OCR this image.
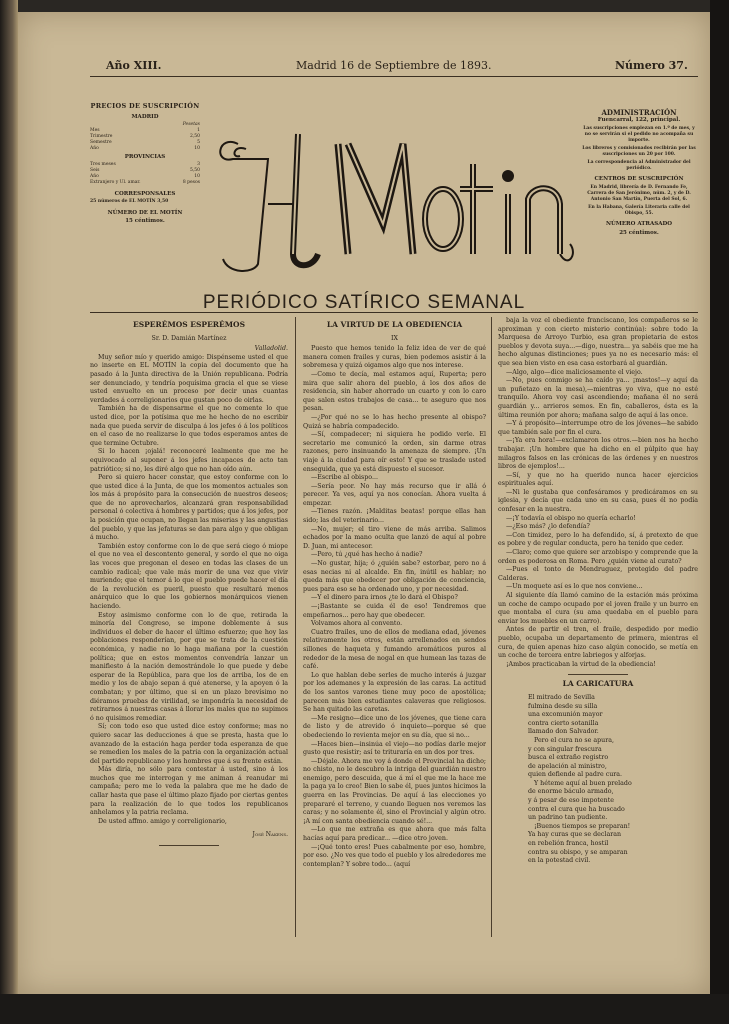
Año XIII.	Madrid 16 de Septiembre de 1893.	Número 37.
PRECIOS DE SUSCRIPCIÓN
MADRID
Pesetas
Mes	1
Trimestre	2,50
Semestre	5
Año	10
PROVINCIAS
Tres meses	3
Seis	5,50
Año	10
Extranjero y Ul. amar.	8 pesos
CORRESPONSALES
25 números de EL MOTÍN 3,50
NÚMERO DE EL MOTÍN
15 céntimos.
El Motín
ADMINISTRACIÓN
Fuencarral, 122, principal.

Las suscripciones empiezan en 1.º de mes, y no se servirán si el pedido no acompaña su importe.

Los libreros y comisionados recibirán por las suscripciones un 20 por 100.

La correspondencia al Administrador del periódico.

CENTROS DE SUSCRIPCIÓN

En Madrid, librería de D. Fernando Fe, Carrera de San Jerónimo, núm. 2, y de D. Antonio San Martín, Puerta del Sol, 6.

En la Habana, Galería Literaria calle del Obispo, 55.

NÚMERO ATRASADO
25 céntimos.
PERIÓDICO SATÍRICO SEMANAL
ESPERÉMOS ESPERÉMOS
Sr. D. Damián Martínez
Valladolid.

Muy señor mío y querido amigo: Dispénseme usted el que no inserte en EL MOTÍN la copia del documento que ha pasado á la Junta directiva de la Unión republicana. Podría ser denunciado, y tendría poquísima gracia el que se viese usted envuelto en un proceso por decir unas cuantas verdades á correligionarios que gustan poco de oirlas.

También ha de dispensarme el que no comente lo que usted dice, por la potísima que me he hecho de no escribir nada que pueda servir de disculpa á los jefes ó á los políticos en el caso de no realizarse lo que todos esperamos antes de que termine Octubre.

Si lo hacen ¡ojalá! reconoceré lealmente que me he equivocado al suponer á los jefes incapaces de acto tan patriótico; si no, les diré algo que no han oído aún.

Pero si quiero hacer constar, que estoy conforme con lo que usted dice á la Junta, de que los momentos actuales son los más á propósito para la consecución de nuestros deseos; que de no aprovecharlos, alcanzará gran responsabilidad personal ó colectiva á hombres y partidos; que á los jefes, por la posición que ocupan, no llegan las miserias y las angustias del pueblo, y que las jefaturas se dan para algo y que obligan á mucho.

También estoy conforme con lo de que será ciego ó miope el que no vea el descontento general, y sordo el que no oiga las voces que pregonan el deseo en todas las clases de un cambio radical; que vale más morir de una vez que vivir muriendo; que el temor á lo que el pueblo puede hacer el día de la revolución es pueril, puesto que resultará menos anárquico que lo que los gobiernos monárquicos vienen haciendo.

Estoy asimismo conforme con lo de que, retirada la minoría del Congreso, se impone doblemente á sus individuos el deber de hacer el último esfuerzo; que hoy las poblaciones responderían, por que se trata de la cuestión económica, y nadie no lo haga mañana por la cuestión política; que en estos momentos convendría lanzar un manifiesto á la nación demostrándole lo que puede y debe esperar de la República, para que los de arriba, los de en medio y los de abajo sepan á qué atenerse, y la apoyen ó la combatan; y por último, que si en un plazo brevísimo no diéramos pruebas de virilidad, se impondría la necesidad de retirarnos á nuestras casas á llorar los males que no supimos ó no quisimos remediar.

Sí; con todo eso que usted dice estoy conforme; mas no quiero sacar las deducciones á que se presta, hasta que lo avanzado de la estación haga perder toda esperanza de que se remedien los males de la patria con la organización actual del partido republicano y los hombres que á su frente están.

Más diría, no sólo para contestar á usted, sino á los muchos que me interrogan y me animan á reanudar mi campaña; pero me lo veda la palabra que me he dado de callar hasta que pase el último plazo fijado por ciertas gentes para la realización de lo que todos los republicanos anhelamos y la patria reclama.

De usted affmo. amigo y correligionario,

José Nakens.
LA VIRTUD DE LA OBEDIENCIA
IX

Puesto que hemos tenido la feliz idea de ver de qué manera comen frailes y curas, bien podemos asistir á la sobremesa y quizá oigamos algo que nos interese.

—Como te decía, mal estamos aquí, Ruperta; pero mira que salir ahora del pueblo, á los dos años de residencia, sin haber ahorrado un cuarto y con lo caro que salen estos trabajos de casa... te aseguro que nos pesan.

—¿Por qué no se lo has hecho presente al obispo? Quizá se habría compadecido.

—Sí, compadecer; ni siquiera he podido verle. El secretario me comunicó la orden, sin darme otras razones, pero insinuando la amenaza de siempre. ¡Un viaje á la ciudad para oír esto! Y que se traslade usted enseguida, que ya está dispuesto el sucesor.

—Escribe al obispo...

—Sería peor. No hay más recurso que ir allá ó perecer. Ya ves, aquí ya nos conocían. Ahora vuelta á empezar.

—Tienes razón. ¡Malditas beatas! porque ellas han sido; las del veterinario...

—No, mujer; el tiro viene de más arriba. Salimos echados por la mano oculta que lanzó de aquí al pobre D. Juan, mi antecesor.

—Pero, tú ¿qué has hecho á nadie?

—No gustar, hija; ó ¿quién sabe? estorbar, pero no á esas necias ni al alcalde. En fin, inútil es hablar; no queda más que obedecer por obligación de conciencia, pues para eso se ha ordenado uno, y por necesidad.

—Y el dinero para irnos ¿te lo dará el Obispo?

—¡Bastante se cuida él de eso! Tendremos que empeñarnos... pero hay que obedecer.

Volvamos ahora al convento.

Cuatro frailes, uno de ellos de mediana edad, jóvenes relativamente los otros, están arrellenados en sendos sillones de haqueta y fumando aromáticos puros al rededor de la mesa de nogal en que humean las tazas de café.

Lo que hablan debe serles de mucho interés á juzgar por los ademanes y la expresión de las caras. La actitud de los santos varones tiene muy poco de apostólica; parecen más bien estudiantes calaveras que religiosos. Se han quitado las caretas.

—Me resigno—dice uno de los jóvenes, que tiene cara de listo y de atrevido ó inquieto—porque sé que obedeciendo lo revienta mejor en su día, que si no...

—Haces bien—insinúa el viejo—no podías darle mejor gusto que resistir; así te trituraría en un dos por tres.

—Déjale. Ahora me voy á donde el Provincial ha dicho; no chisto, no le descubro la intriga del guardián nuestro enemigo, pero descuida, que á mí el que me la hace me la paga ya lo creo! Bien lo sabe él, pues juntos hicimos la guerra en las Provincias. De aquí á las elecciones yo prepararé el terreno, y cuando lleguen nos veremos las caras; y no solamente él, sino el Provincial y algún otro. ¡A mí con santa obediencia cuando sé!...

—Lo que me extraña es que ahora que más falta hacías aquí para predicar... —dice otro joven.

—¡Qué tonto eres! Pues cabalmente por eso, hombre, por eso. ¿No ves que todo el pueblo y los alrededores me contemplan? Y sobre todo... (aquí

baja la voz el obediente franciscano, los compañeros se le aproximan y con cierto misterio continúa): sobre todo la Marquesa de Arroyo Turbio, esa gran propietaria de estos pueblos y devota suya...—digo, nuestra... ya sabéis que me ha hecho algunas distinciones; pues ya no es necesario más: el que sea bien visto en esa casa estorbará al guardián.

—Algo, algo—dice maliciosamente el viejo.

—No, pues conmigo se ha caído ya... ¡mastos!—y aquí da un puñetazo en la mesa),—mientras yo viva, que no esté tranquilo. Ahora voy casi ascendiendo; mañana él no será guardián y... arrieros semos. En fin, caballeros, ésta es la última reunión por ahora; mañana salgo de aquí á las once.

—Y á propósito—interrumpe otro de los jóvenes—he sabido que también sale por fin el cura.

—¡Ya era hora!—exclamaron los otros.—bien nos ha hecho trabajar. ¡Un hombre que ha dicho en el púlpito que hay milagros falsos en las crónicas de las órdenes y en nuestros libros de ejemplos!...

—Sí, y que no ha querido nunca hacer ejercicios espirituales aquí.

—Ni le gustaba que confesáramos y predicáramos en su iglesia, y decía que cada uno en su casa, pues él no podía confesar en la nuestra.

—¡Y todavía el obispo no quería echarlo!

—¿Eso más? ¿lo defendía?

—Con timidez, pero lo ha defendido, sí, á pretexto de que es pobre y de regular conducta, pero ha tenido que ceder.

—Claro; como que quiere ser arzobispo y comprende que la orden es poderosa en Roma. Pero ¿quién viene al curato?

—Pues el tonto de Mendruguez, protegido del padre Calderas.

—Un moquete así es lo que nos conviene...

Al siguiente día llamó camino de la estación más próxima un coche de campo ocupado por el joven fraile y un burro en que montaba el cura (su ama quedaba en el pueblo para enviar los muebles en un carro).

Antes de partir el tren, el fraile, despedido por medio pueblo, ocupaba un departamento de primera, mientras el cura, de quien apenas hizo caso algún conocido, se metía en un coche de tercera entre labriegos y alforjas.

¡Ambos practicaban la virtud de la obediencia!

LA CARICATURA
El mitrado de Sevilla
fulmina desde su silla
una excomunión mayor
contra cierto sotanilla
llamado don Salvador.
Pero el cura no se apura,
y con singular frescura
busca el extraño registro
de apelación al ministro,
quien defiende al padre cura.
Y héteme aquí al buen prelado
de enorme báculo armado,
y á pesar de eso impotente
contra el cura que ha buscado
un padrino tan pudiente.
¡Buenos tiempos se preparan!
Ya hay curas que se declaran
en rebelión franca, hostil
contra su obispo, y se amparan
en la potestad civil.
